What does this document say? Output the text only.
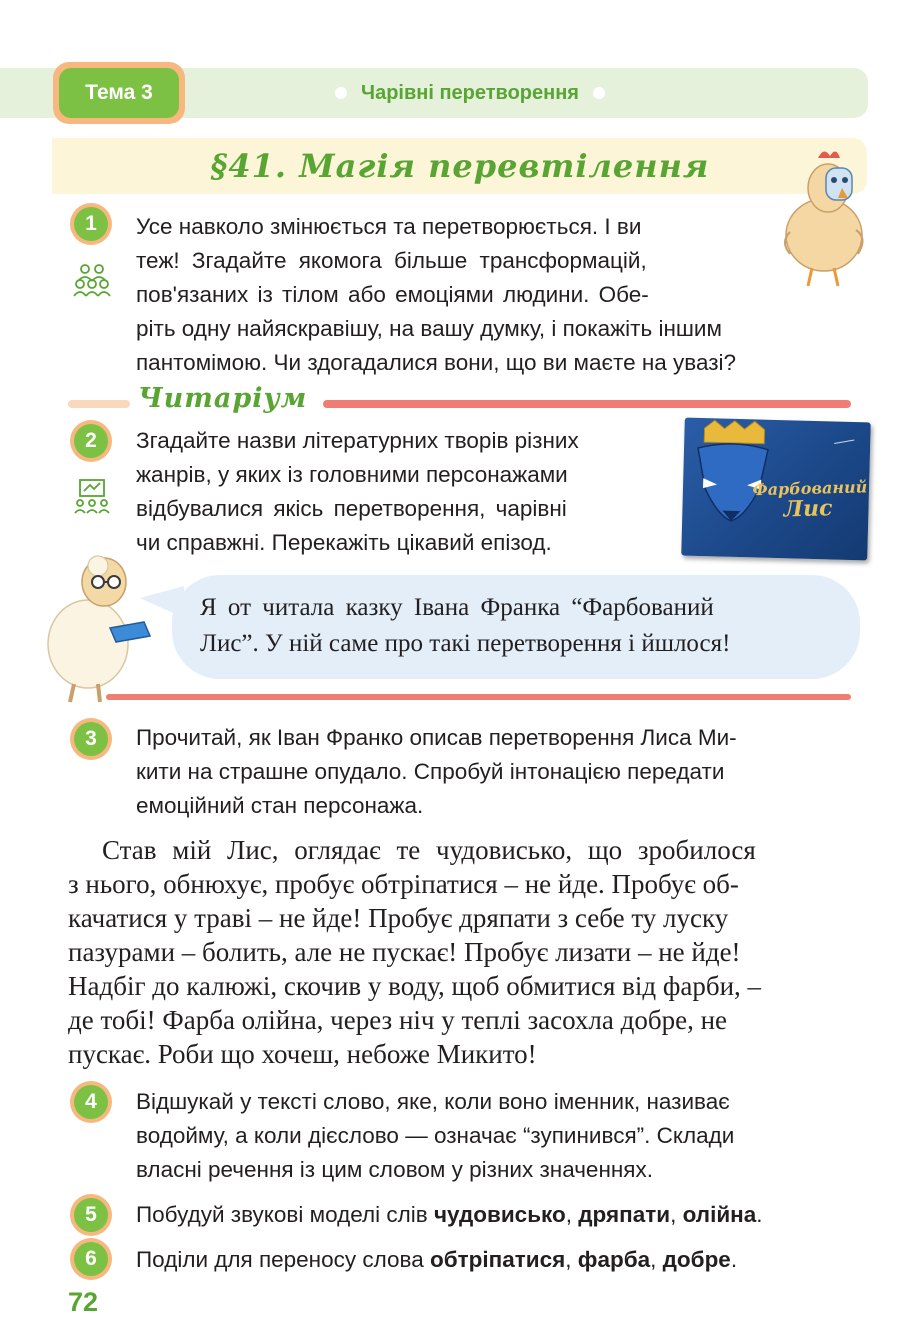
Тема 3	Чарівні перетворення
§41. Магія перевтілення
1	Усе навколо змінюється та перетворюється. І ви
теж! Згадайте якомога більше трансформацій,
пов'язаних із тілом або емоціями людини. Обе-
ріть одну найяскравішу, на вашу думку, і покажіть іншим
пантомімою. Чи здогадалися вони, що ви маєте на увазі?
Читаріум
2	Згадайте назви літературних творів різних
жанрів, у яких із головними персонажами
відбувалися якісь перетворення, чарівні
чи справжні. Перекажіть цікавий епізод.
Фарбований
Лис
Я от читала казку Івана Франка “Фарбований
Лис”. У ній саме про такі перетворення і йшлося!
3	Прочитай, як Іван Франко описав перетворення Лиса Ми-
кити на страшне опудало. Спробуй інтонацією передати
емоційний стан персонажа.
Став мій Лис, оглядає те чудовисько, що зробилося
з нього, обнюхує, пробує обтріпатися – не йде. Пробує об-
качатися у траві – не йде! Пробує дряпати з себе ту луску
пазурами – болить, але не пускає! Пробує лизати – не йде!
Надбіг до калюжі, скочив у воду, щоб обмитися від фарби, –
де тобі! Фарба олійна, через ніч у теплі засохла добре, не
пускає. Роби що хочеш, небоже Микито!
4	Відшукай у тексті слово, яке, коли воно іменник, називає
водойму, а коли дієслово — означає “зупинився”. Склади
власні речення із цим словом у різних значеннях.
5	Побудуй звукові моделі слів чудовисько, дряпати, олійна.
6	Поділи для переносу слова обтріпатися, фарба, добре.
72
